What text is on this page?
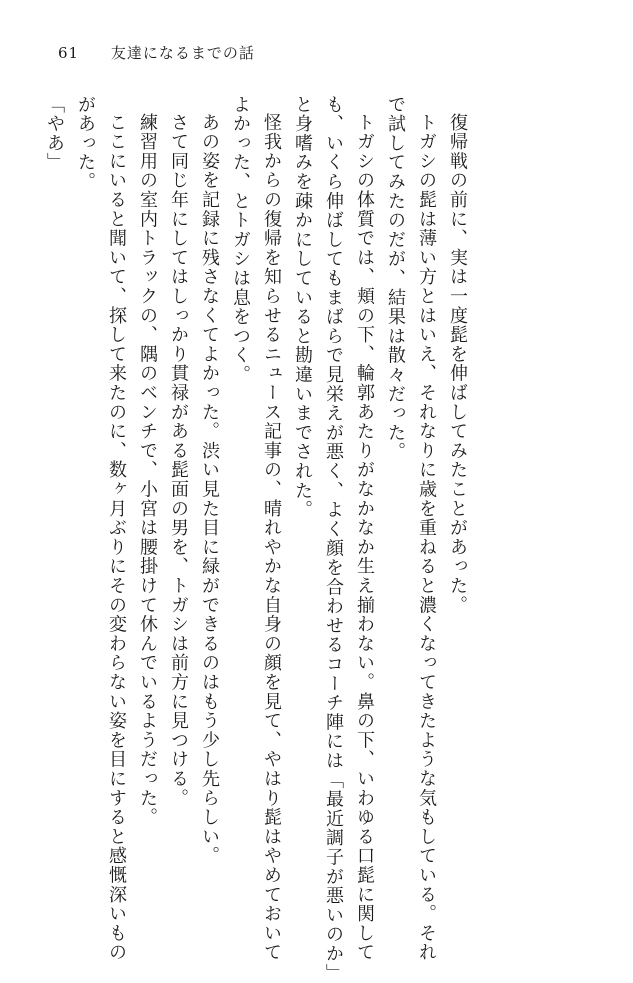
61 友達になるまでの話
復帰戦の前に、実は一度髭を伸ばしてみたことがあった。
トガシの髭は薄い方とはいえ、それなりに歳を重ねると濃くなってきたような気もしている。それ
で試してみたのだが、結果は散々だった。
トガシの体質では、頬の下、輪郭あたりがなかなか生え揃わない。鼻の下、いわゆる口髭に関して
も、いくら伸ばしてもまばらで見栄えが悪く、よく顔を合わせるコーチ陣には「最近調子が悪いのか」
と身嗜みを疎かにしていると勘違いまでされた。
怪我からの復帰を知らせるニュース記事の、晴れやかな自身の顔を見て、やはり髭はやめておいて
よかった、とトガシは息をつく。
あの姿を記録に残さなくてよかった。渋い見た目に緑ができるのはもう少し先らしい。
さて同じ年にしてはしっかり貫禄がある髭面の男を、トガシは前方に見つける。
練習用の室内トラックの、隅のベンチで、小宮は腰掛けて休んでいるようだった。
ここにいると聞いて、探して来たのに、数ヶ月ぶりにその変わらない姿を目にすると感慨深いもの
があった。
「やあ」
